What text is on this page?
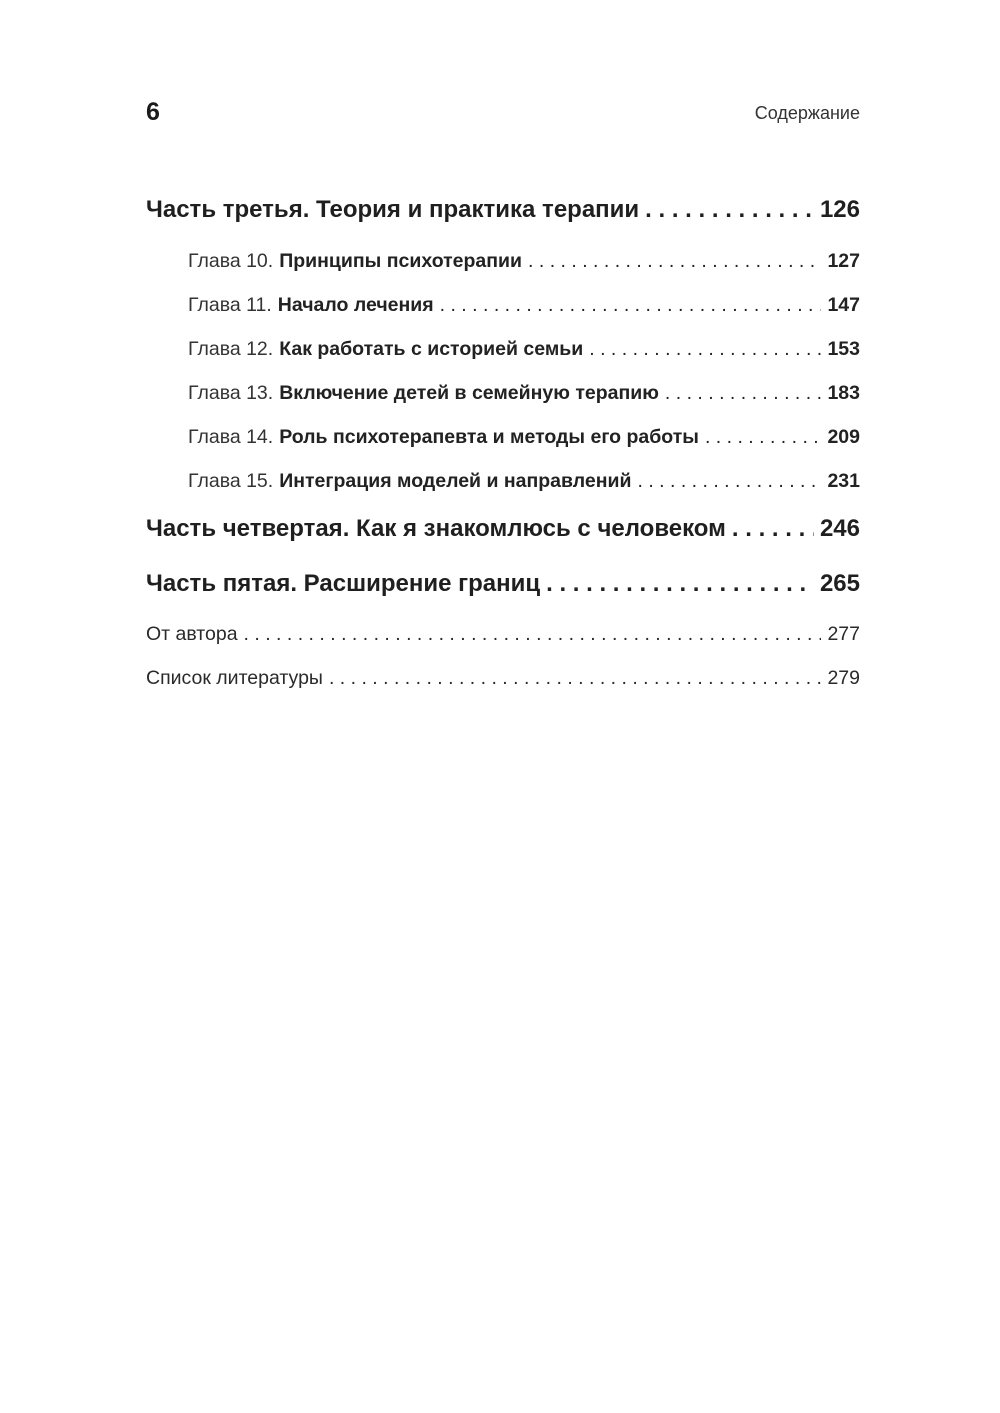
6	Содержание
Часть третья. Теория и практика терапии . . .	126
Глава 10. Принципы психотерапии . . .	127
Глава 11. Начало лечения . . .	147
Глава 12. Как работать с историей семьи . . .	153
Глава 13. Включение детей в семейную терапию . . .	183
Глава 14. Роль психотерапевта и методы его работы . . .	209
Глава 15. Интеграция моделей и направлений . . .	231
Часть четвертая. Как я знакомлюсь с человеком . . .	246
Часть пятая. Расширение границ . . .	265
От автора . . .	277
Список литературы . . .	279
